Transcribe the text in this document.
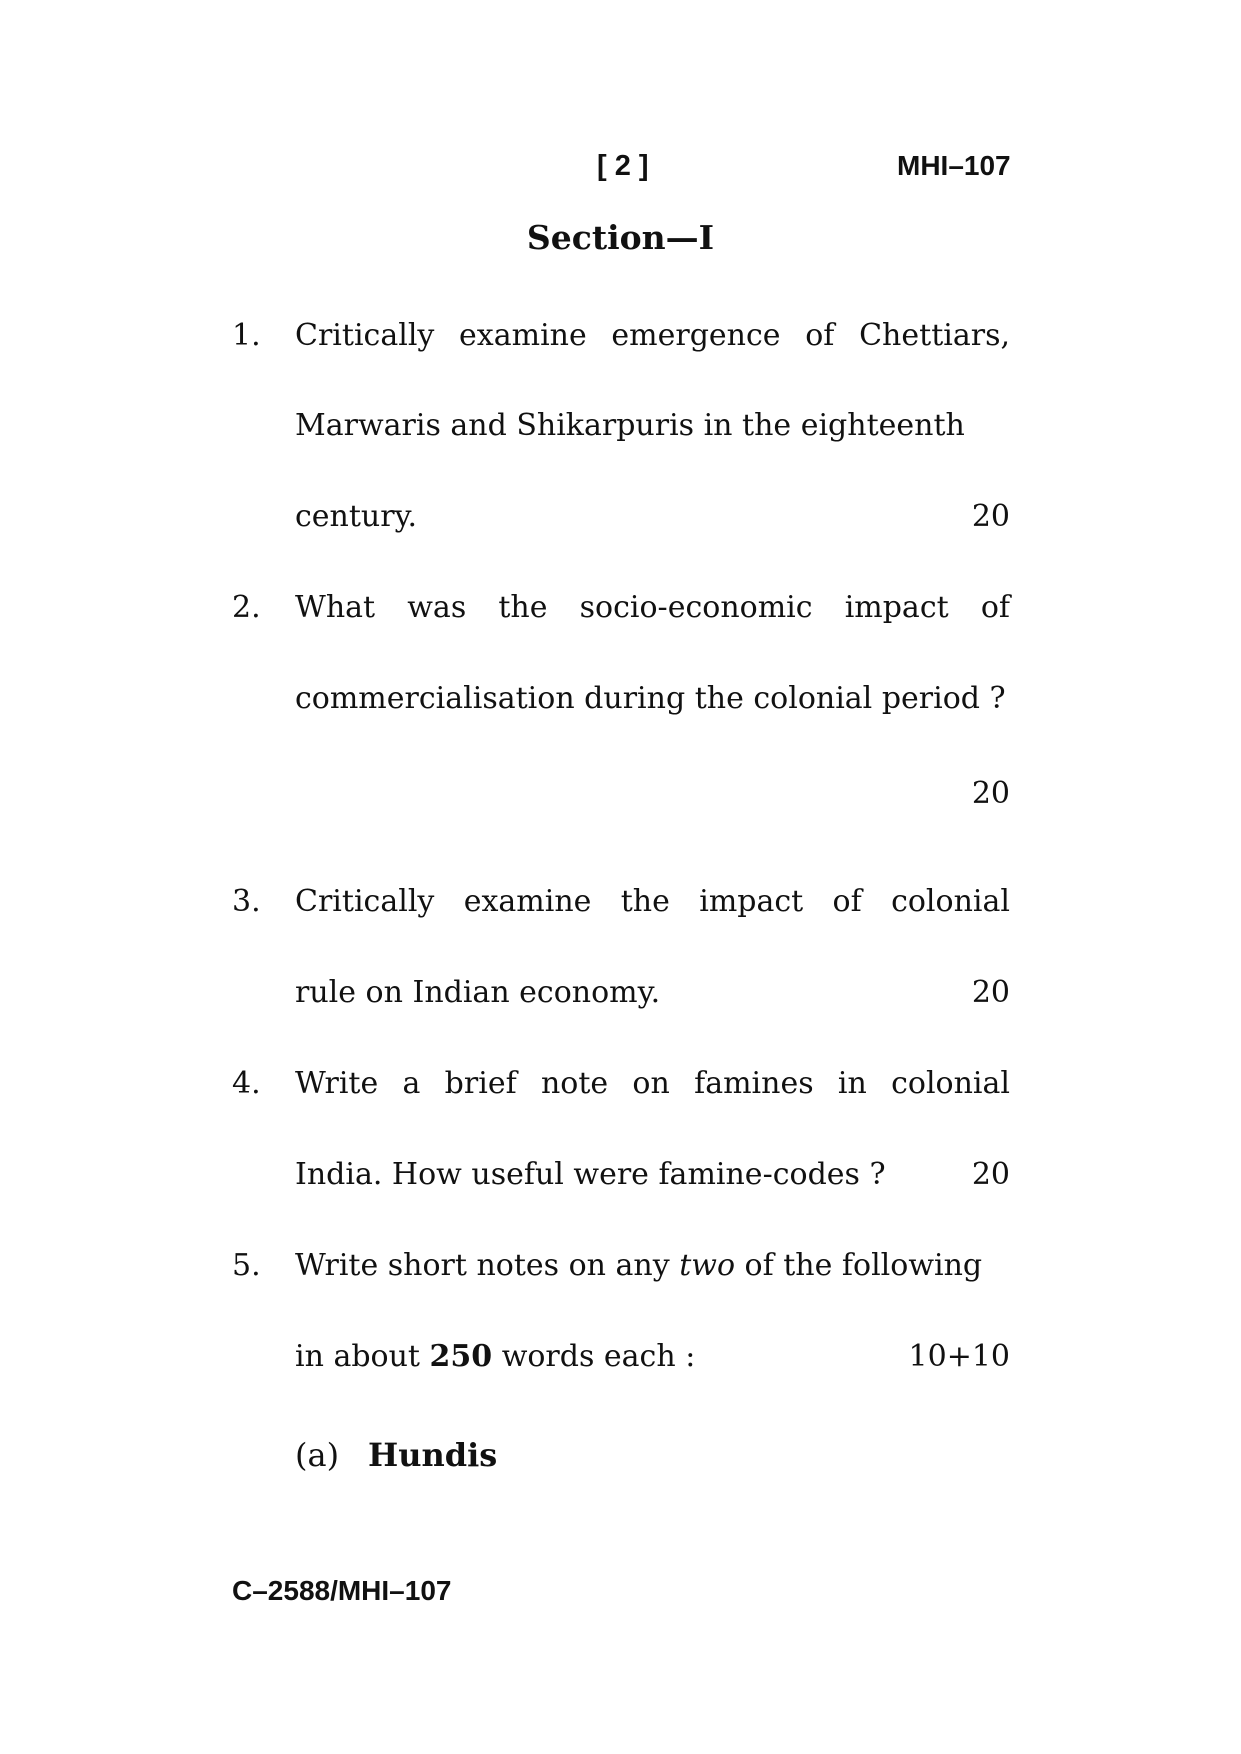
[ 2 ]	MHI–107
Section—I
1. Critically examine emergence of Chettiars,
Marwaris and Shikarpuris in the eighteenth
century.	20
2. What was the socio-economic impact of
commercialisation during the colonial period ?
20
3. Critically examine the impact of colonial
rule on Indian economy.	20
4. Write a brief note on famines in colonial
India. How useful were famine-codes ?	20
5. Write short notes on any two of the following
in about 250 words each :	10+10
(a) Hundis
C–2588/MHI–107
